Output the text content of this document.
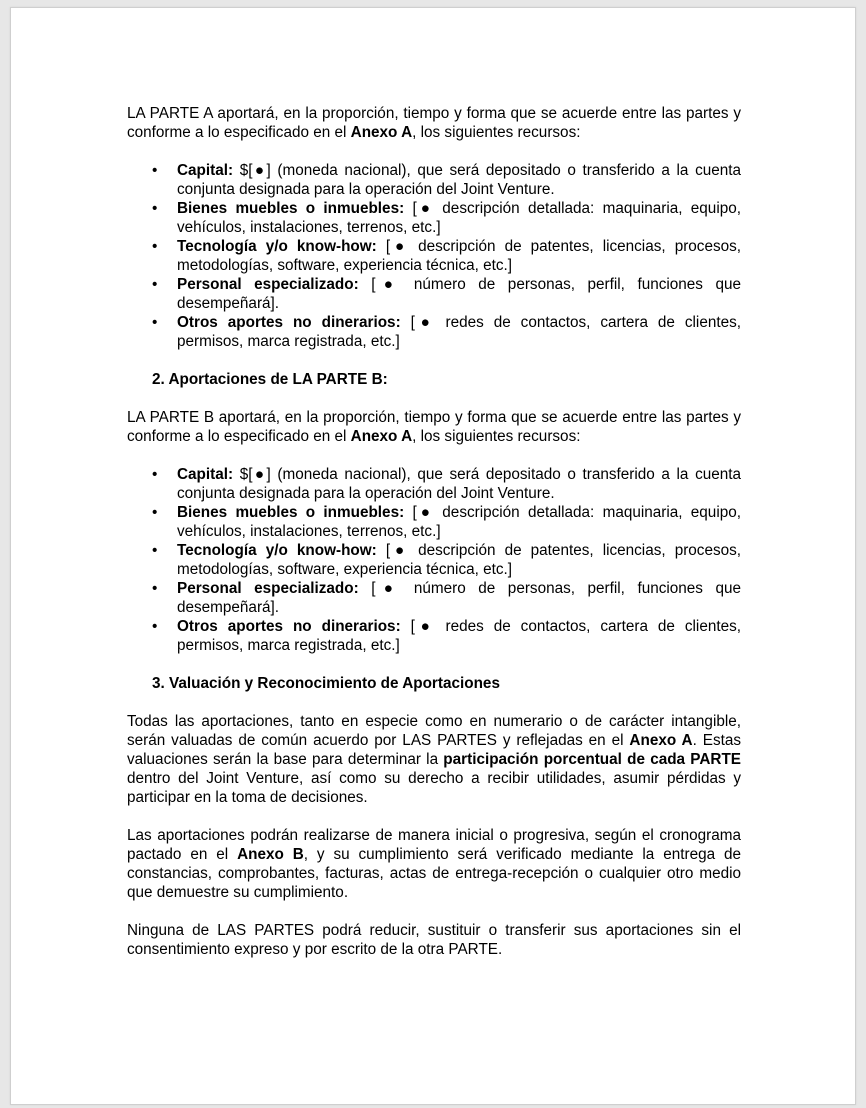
LA PARTE A aportará, en la proporción, tiempo y forma que se acuerde entre las partes y conforme a lo especificado en el Anexo A, los siguientes recursos:

• Capital: $[●] (moneda nacional), que será depositado o transferido a la cuenta conjunta designada para la operación del Joint Venture.
• Bienes muebles o inmuebles: [● descripción detallada: maquinaria, equipo, vehículos, instalaciones, terrenos, etc.]
• Tecnología y/o know-how: [● descripción de patentes, licencias, procesos, metodologías, software, experiencia técnica, etc.]
• Personal especializado: [● número de personas, perfil, funciones que desempeñará].
• Otros aportes no dinerarios: [● redes de contactos, cartera de clientes, permisos, marca registrada, etc.]

2. Aportaciones de LA PARTE B:

LA PARTE B aportará, en la proporción, tiempo y forma que se acuerde entre las partes y conforme a lo especificado en el Anexo A, los siguientes recursos:

• Capital: $[●] (moneda nacional), que será depositado o transferido a la cuenta conjunta designada para la operación del Joint Venture.
• Bienes muebles o inmuebles: [● descripción detallada: maquinaria, equipo, vehículos, instalaciones, terrenos, etc.]
• Tecnología y/o know-how: [● descripción de patentes, licencias, procesos, metodologías, software, experiencia técnica, etc.]
• Personal especializado: [● número de personas, perfil, funciones que desempeñará].
• Otros aportes no dinerarios: [● redes de contactos, cartera de clientes, permisos, marca registrada, etc.]

3. Valuación y Reconocimiento de Aportaciones

Todas las aportaciones, tanto en especie como en numerario o de carácter intangible, serán valuadas de común acuerdo por LAS PARTES y reflejadas en el Anexo A. Estas valuaciones serán la base para determinar la participación porcentual de cada PARTE dentro del Joint Venture, así como su derecho a recibir utilidades, asumir pérdidas y participar en la toma de decisiones.

Las aportaciones podrán realizarse de manera inicial o progresiva, según el cronograma pactado en el Anexo B, y su cumplimiento será verificado mediante la entrega de constancias, comprobantes, facturas, actas de entrega-recepción o cualquier otro medio que demuestre su cumplimiento.

Ninguna de LAS PARTES podrá reducir, sustituir o transferir sus aportaciones sin el consentimiento expreso y por escrito de la otra PARTE.
